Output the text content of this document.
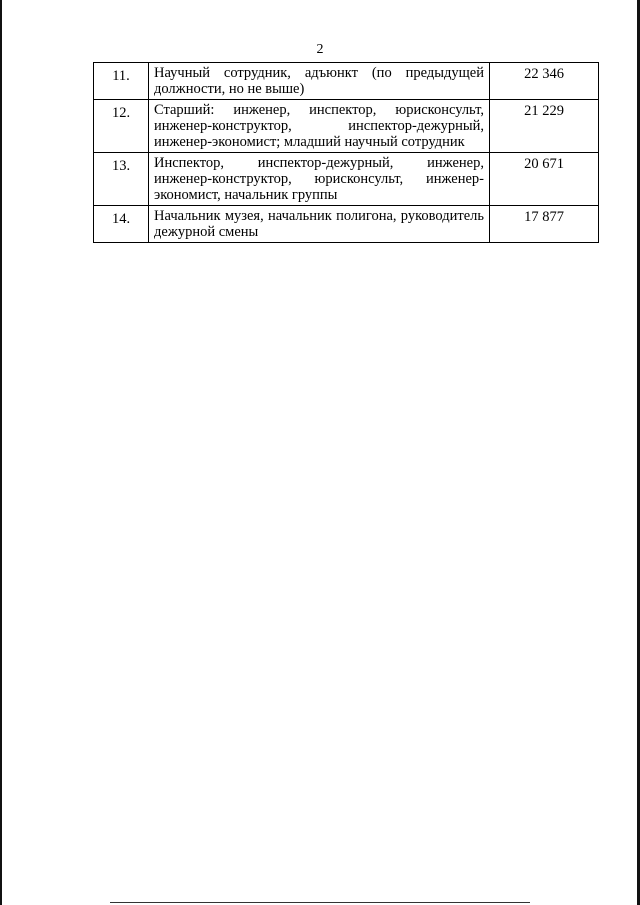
2
11.	Научный сотрудник, адъюнкт (по предыдущей должности, но не выше)	22 346
12.	Старший: инженер, инспектор, юрисконсульт, инженер-конструктор, инспектор-дежурный, инженер-экономист; младший научный сотрудник	21 229
13.	Инспектор, инспектор-дежурный, инженер, инженер-конструктор, юрисконсульт, инженер-экономист, начальник группы	20 671
14.	Начальник музея, начальник полигона, руководитель дежурной смены	17 877
